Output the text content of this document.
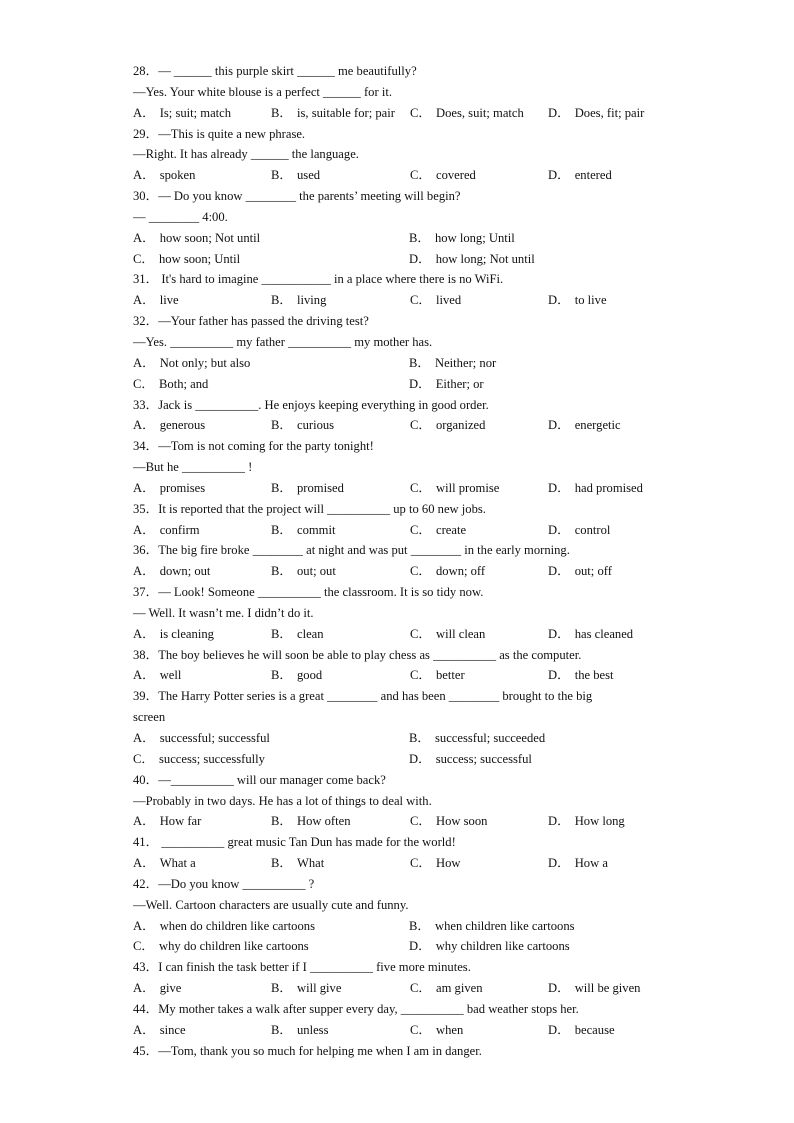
28．— ______ this purple skirt ______ me beautifully?
—Yes. Your white blouse is a perfect ______ for it.
A． Is; suit; match	B． is, suitable for; pair C． Does, suit; match D． Does, fit; pair
29．—This is quite a new phrase.
—Right. It has already ______ the language.
A． spoken	B． used	C． covered	D． entered
30．— Do you know ________ the parents’ meeting will begin?
— ________ 4:00.
A． how soon; Not until	B． how long; Until
C． how soon; Until	D． how long; Not until
31． It's hard to imagine ___________ in a place where there is no WiFi.
A． live	B． living	C． lived	D． to live
32．—Your father has passed the driving test?
—Yes. __________ my father __________ my mother has.
A． Not only; but also	B． Neither; nor
C． Both; and	D． Either; or
33．Jack is __________. He enjoys keeping everything in good order.
A． generous	B． curious	C． organized	D． energetic
34．—Tom is not coming for the party tonight!
—But he __________ !
A． promises	B． promised	C． will promise	D． had promised
35．It is reported that the project will __________ up to 60 new jobs.
A． confirm	B． commit	C． create	D． control
36．The big fire broke ________ at night and was put ________ in the early morning.
A． down; out	B． out; out	C． down; off	D． out; off
37．— Look! Someone __________ the classroom. It is so tidy now.
— Well. It wasn’t me. I didn’t do it.
A． is cleaning	B． clean	C． will clean	D． has cleaned
38．The boy believes he will soon be able to play chess as __________ as the computer.
A． well	B． good	C． better	D． the best
39．The Harry Potter series is a great ________ and has been ________ brought to the big
screen
A． successful; successful	B． successful; succeeded
C． success; successfully	D． success; successful
40．—__________ will our manager come back?
—Probably in two days. He has a lot of things to deal with.
A． How far	B． How often	C． How soon	D． How long
41． __________ great music Tan Dun has made for the world!
A． What a	B． What	C． How	D． How a
42．—Do you know __________ ?
—Well. Cartoon characters are usually cute and funny.
A． when do children like cartoons	B． when children like cartoons
C． why do children like cartoons	D． why children like cartoons
43．I can finish the task better if I __________ five more minutes.
A． give	B． will give	C． am given	D． will be given
44．My mother takes a walk after supper every day, __________ bad weather stops her.
A． since	B． unless	C． when	D． because
45．—Tom, thank you so much for helping me when I am in danger.
